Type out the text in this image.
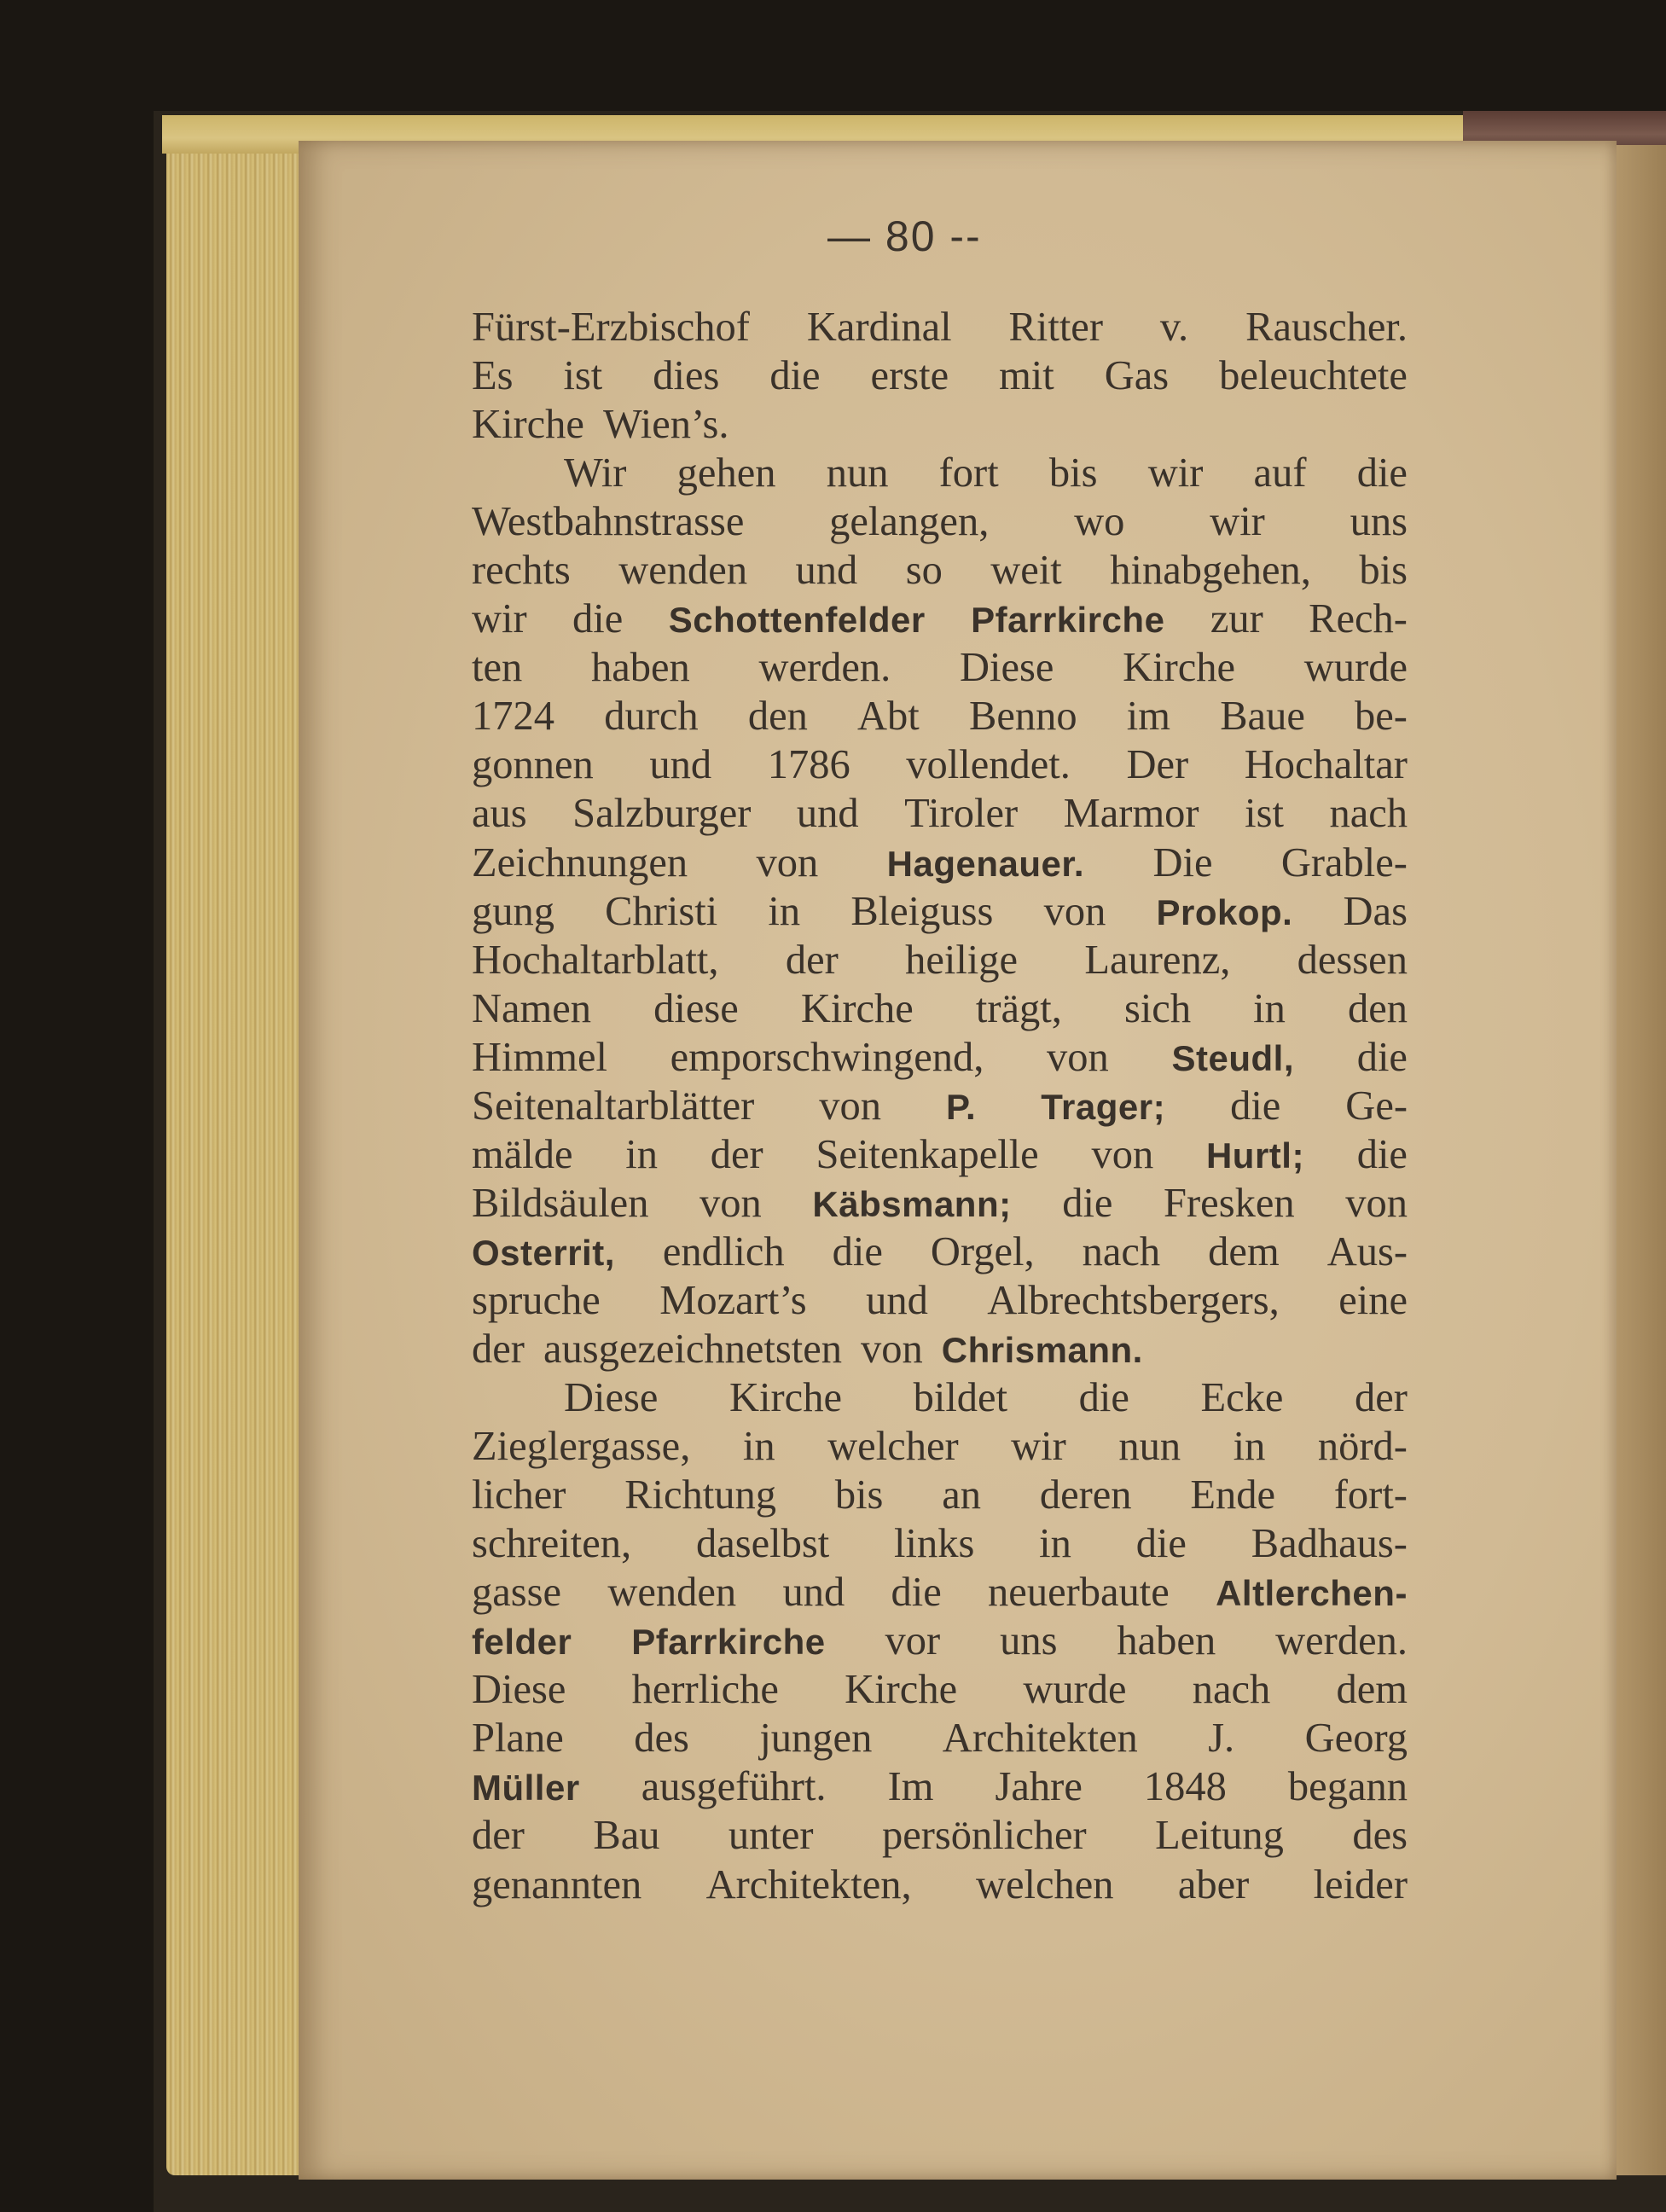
— 80 --
Fürst-Erzbischof Kardinal Ritter v. Rauscher.
Es ist dies die erste mit Gas beleuchtete
Kirche Wien’s.
Wir gehen nun fort bis wir auf die
Westbahnstrasse gelangen, wo wir uns
rechts wenden und so weit hinabgehen, bis
wir die Schottenfelder Pfarrkirche zur Rech-
ten haben werden. Diese Kirche wurde
1724 durch den Abt Benno im Baue be-
gonnen und 1786 vollendet. Der Hochaltar
aus Salzburger und Tiroler Marmor ist nach
Zeichnungen von Hagenauer. Die Grable-
gung Christi in Bleiguss von Prokop. Das
Hochaltarblatt, der heilige Laurenz, dessen
Namen diese Kirche trägt, sich in den
Himmel emporschwingend, von Steudl, die
Seitenaltarblätter von P. Trager; die Ge-
mälde in der Seitenkapelle von Hurtl; die
Bildsäulen von Käbsmann; die Fresken von
Osterrit, endlich die Orgel, nach dem Aus-
spruche Mozart’s und Albrechtsbergers, eine
der ausgezeichnetsten von Chrismann.
Diese Kirche bildet die Ecke der
Zieglergasse, in welcher wir nun in nörd-
licher Richtung bis an deren Ende fort-
schreiten, daselbst links in die Badhaus-
gasse wenden und die neuerbaute Altlerchen-
felder Pfarrkirche vor uns haben werden.
Diese herrliche Kirche wurde nach dem
Plane des jungen Architekten J. Georg
Müller ausgeführt. Im Jahre 1848 begann
der Bau unter persönlicher Leitung des
genannten Architekten, welchen aber leider
